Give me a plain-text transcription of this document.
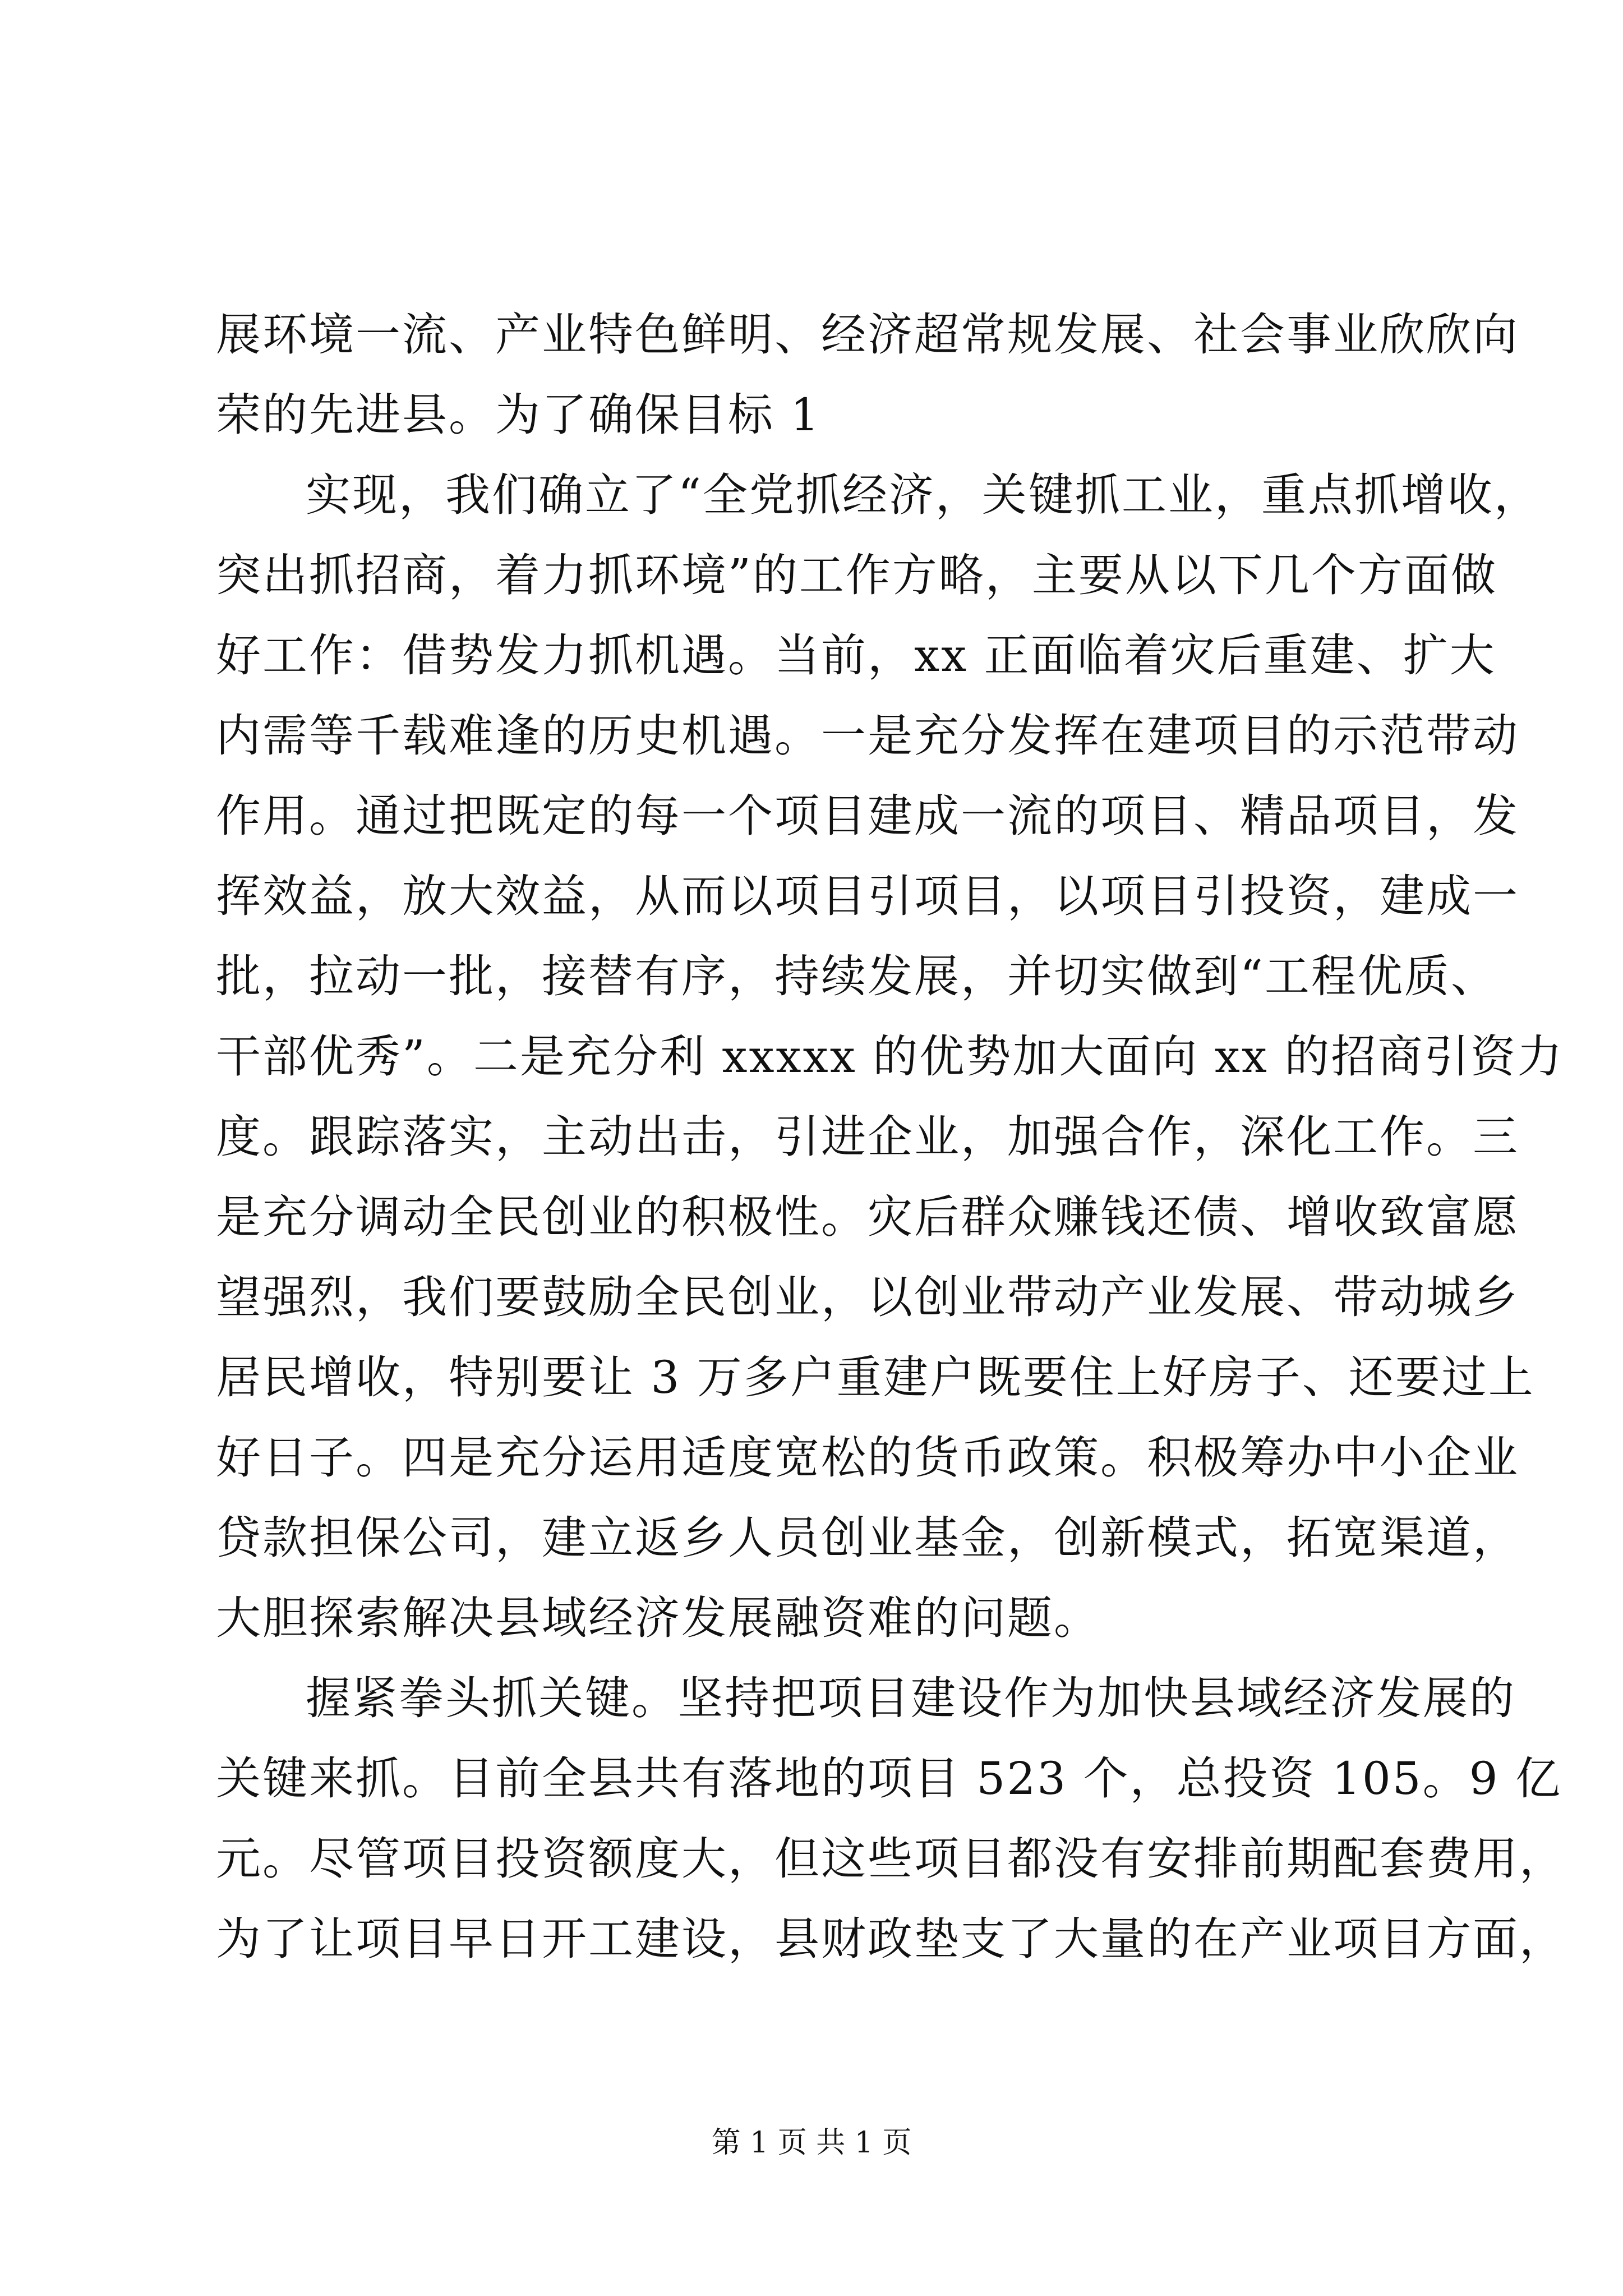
展环境一流、产业特色鲜明、经济超常规发展、社会事业欣欣向
荣的先进县。为了确保目标 1
实现，我们确立了“全党抓经济，关键抓工业，重点抓增收，
突出抓招商，着力抓环境”的工作方略，主要从以下几个方面做
好工作：借势发力抓机遇。当前，xx 正面临着灾后重建、扩大
内需等千载难逢的历史机遇。一是充分发挥在建项目的示范带动
作用。通过把既定的每一个项目建成一流的项目、精品项目，发
挥效益，放大效益，从而以项目引项目，以项目引投资，建成一
批，拉动一批，接替有序，持续发展，并切实做到“工程优质、
干部优秀”。二是充分利 xxxxx 的优势加大面向 xx 的招商引资力
度。跟踪落实，主动出击，引进企业，加强合作，深化工作。三
是充分调动全民创业的积极性。灾后群众赚钱还债、增收致富愿
望强烈，我们要鼓励全民创业，以创业带动产业发展、带动城乡
居民增收，特别要让 3 万多户重建户既要住上好房子、还要过上
好日子。四是充分运用适度宽松的货币政策。积极筹办中小企业
贷款担保公司，建立返乡人员创业基金，创新模式，拓宽渠道，
大胆探索解决县域经济发展融资难的问题。
握紧拳头抓关键。坚持把项目建设作为加快县域经济发展的
关键来抓。目前全县共有落地的项目 523 个，总投资 105。9 亿
元。尽管项目投资额度大，但这些项目都没有安排前期配套费用，
为了让项目早日开工建设，县财政垫支了大量的在产业项目方面，
第 1 页 共 1 页
